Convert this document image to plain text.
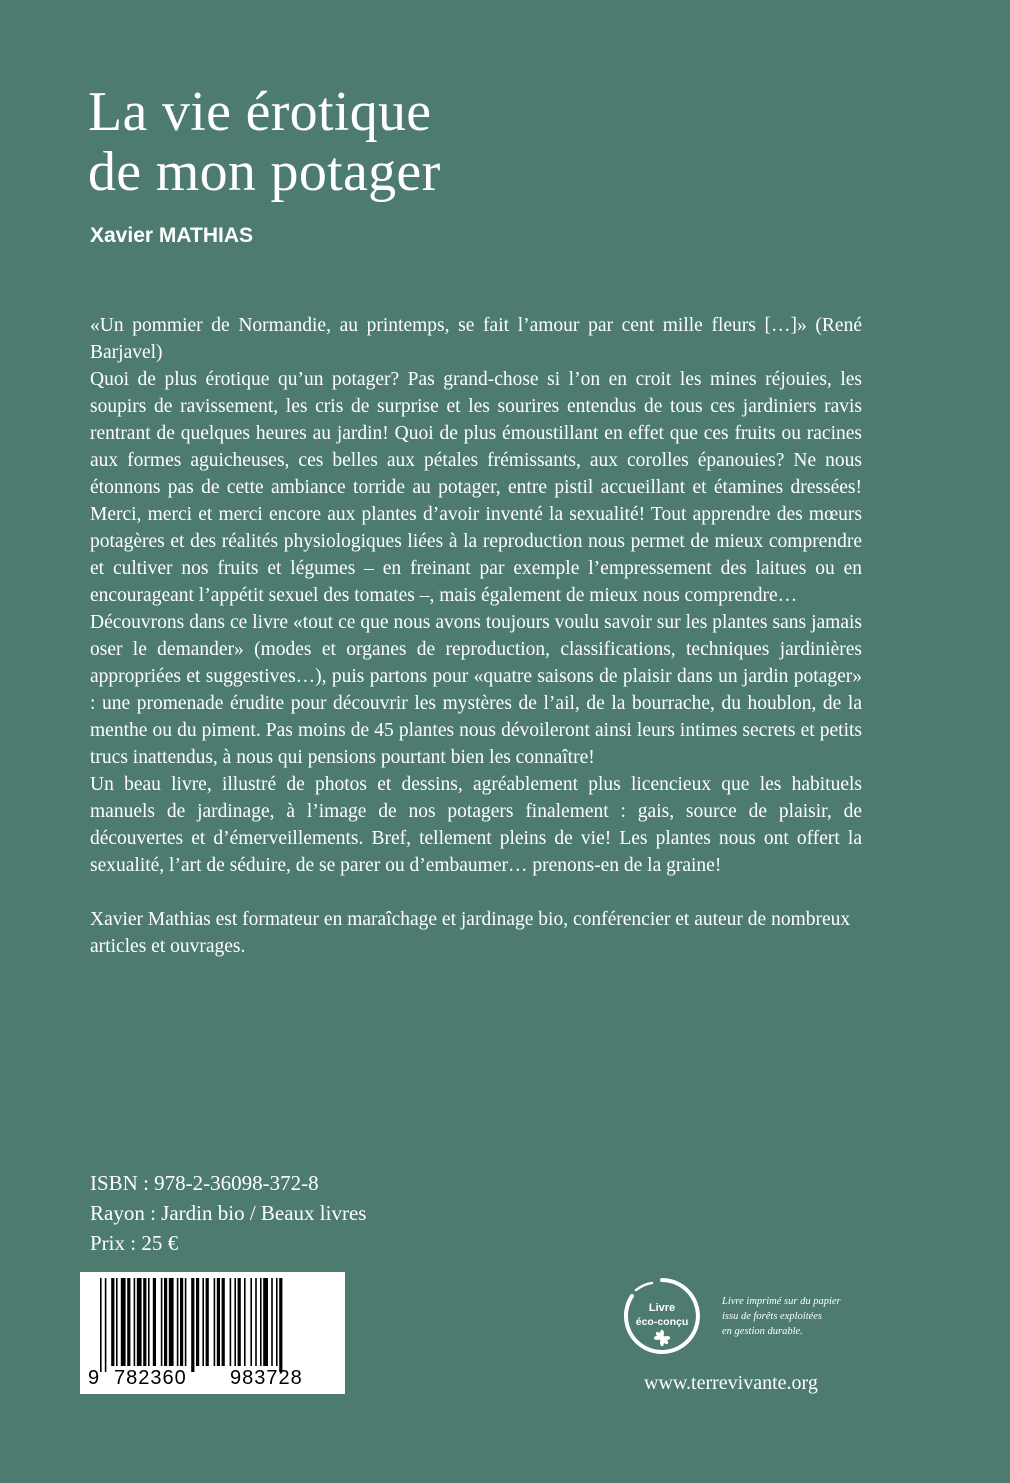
La vie érotique
de mon potager
Xavier MATHIAS

«Un pommier de Normandie, au printemps, se fait l’amour par cent mille fleurs […]» (René Barjavel)

Quoi de plus érotique qu’un potager? Pas grand-chose si l’on en croit les mines réjouies, les soupirs de ravissement, les cris de surprise et les sourires entendus de tous ces jardiniers ravis rentrant de quelques heures au jardin! Quoi de plus émoustillant en effet que ces fruits ou racines aux formes aguicheuses, ces belles aux pétales frémissants, aux corolles épanouies? Ne nous étonnons pas de cette ambiance torride au potager, entre pistil accueillant et étamines dressées! Merci, merci et merci encore aux plantes d’avoir inventé la sexualité! Tout apprendre des mœurs potagères et des réalités physiologiques liées à la reproduction nous permet de mieux comprendre et cultiver nos fruits et légumes – en freinant par exemple l’empressement des laitues ou en encourageant l’appétit sexuel des tomates –, mais également de mieux nous comprendre…

Découvrons dans ce livre «tout ce que nous avons toujours voulu savoir sur les plantes sans jamais oser le demander» (modes et organes de reproduction, classifications, techniques jardinières appropriées et suggestives…), puis partons pour «quatre saisons de plaisir dans un jardin potager» : une promenade érudite pour découvrir les mystères de l’ail, de la bourrache, du houblon, de la menthe ou du piment. Pas moins de 45 plantes nous dévoileront ainsi leurs intimes secrets et petits trucs inattendus, à nous qui pensions pourtant bien les connaître!

Un beau livre, illustré de photos et dessins, agréablement plus licencieux que les habituels manuels de jardinage, à l’image de nos potagers finalement : gais, source de plaisir, de découvertes et d’émerveillements. Bref, tellement pleins de vie! Les plantes nous ont offert la sexualité, l’art de séduire, de se parer ou d’embaumer… prenons-en de la graine!

Xavier Mathias est formateur en maraîchage et jardinage bio, conférencier et auteur de nombreux articles et ouvrages.

ISBN : 978-2-36098-372-8
Rayon : Jardin bio / Beaux livres
Prix : 25 €
9 782360 983728
Livre
éco-conçu
Livre imprimé sur du papier
issu de forêts exploitées
en gestion durable.
www.terrevivante.org
